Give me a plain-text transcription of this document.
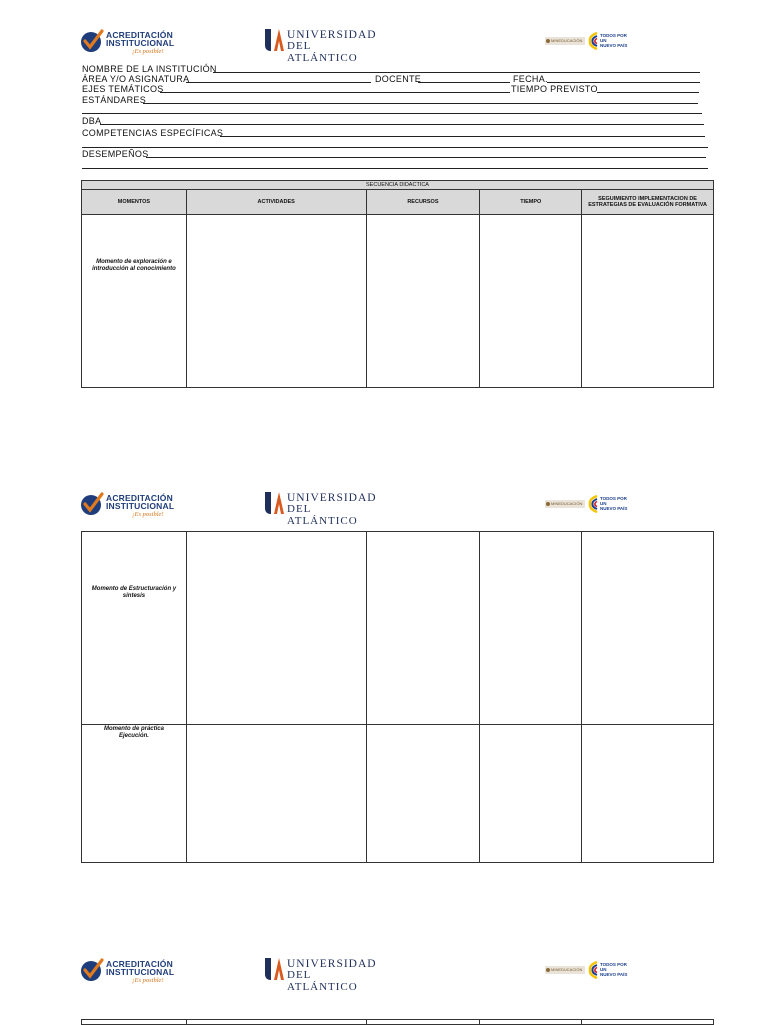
ACREDITACIÓN
INSTITUCIONAL
¡Es posible!
UNIVERSIDAD
DEL ATLÁNTICO
MINEDUCACIÓN
TODOS POR UN
NUEVO PAÍS
NOMBRE DE LA INSTITUCIÓN
ÁREA Y/O ASIGNATURA	DOCENTE	FECHA.
EJES TEMÁTICOS	TIEMPO PREVISTO
ESTÁNDARES
DBA
COMPETENCIAS ESPECÍFICAS
DESEMPEÑOS
SECUENCIA DIDACTICA				
MOMENTOS	ACTIVIDADES	RECURSOS	TIEMPO	SEGUIMIENTO IMPLEMENTACION DE ESTRATEGIAS DE EVALUACIÓN FORMATIVA

Momento de exploración e introducción al conocimiento				

ACREDITACIÓN
INSTITUCIONAL
¡Es posible!
UNIVERSIDAD
DEL ATLÁNTICO
MINEDUCACIÓN
TODOS POR UN
NUEVO PAÍS
Momento de Estructuración y síntesis				

Momento de práctica Ejecución.				

ACREDITACIÓN
INSTITUCIONAL
¡Es posible!
UNIVERSIDAD
DEL ATLÁNTICO
MINEDUCACIÓN
TODOS POR UN
NUEVO PAÍS
